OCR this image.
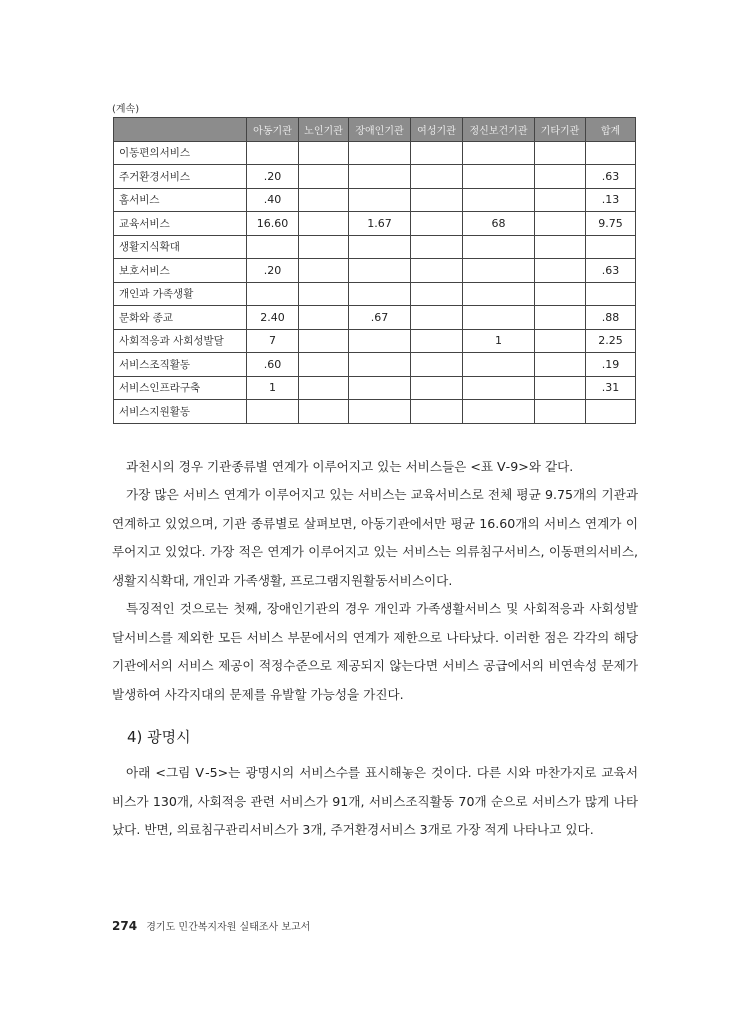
(계속)
	아동기관	노인기관	장애인기관	여성기관	정신보건기관	기타기관	합계
이동편의서비스							
주거환경서비스	.20						.63
홈서비스	.40						.13
교육서비스	16.60		1.67		68		9.75
생활지식확대							
보호서비스	.20						.63
개인과 가족생활							
문화와 종교	2.40		.67				.88
사회적응과 사회성발달	7				1		2.25
서비스조직활동	.60						.19
서비스인프라구축	1						.31
서비스지원활동							

과천시의 경우 기관종류별 연계가 이루어지고 있는 서비스들은 <표 Ⅴ-9>와 같다.

가장 많은 서비스 연계가 이루어지고 있는 서비스는 교육서비스로 전체 평균 9.75개의 기관과 연계하고 있었으며, 기관 종류별로 살펴보면, 아동기관에서만 평균 16.60개의 서비스 연계가 이루어지고 있었다. 가장 적은 연계가 이루어지고 있는 서비스는 의류침구서비스, 이동편의서비스, 생활지식확대, 개인과 가족생활, 프로그램지원활동서비스이다.

특징적인 것으로는 첫째, 장애인기관의 경우 개인과 가족생활서비스 및 사회적응과 사회성발달서비스를 제외한 모든 서비스 부문에서의 연계가 제한으로 나타났다. 이러한 점은 각각의 해당 기관에서의 서비스 제공이 적정수준으로 제공되지 않는다면 서비스 공급에서의 비연속성 문제가 발생하여 사각지대의 문제를 유발할 가능성을 가진다.

4) 광명시

아래 <그림 Ⅴ-5>는 광명시의 서비스수를 표시해놓은 것이다. 다른 시와 마찬가지로 교육서비스가 130개, 사회적응 관련 서비스가 91개, 서비스조직활동 70개 순으로 서비스가 많게 나타났다. 반면, 의료침구관리서비스가 3개, 주거환경서비스 3개로 가장 적게 나타나고 있다.

274 경기도 민간복지자원 실태조사 보고서
